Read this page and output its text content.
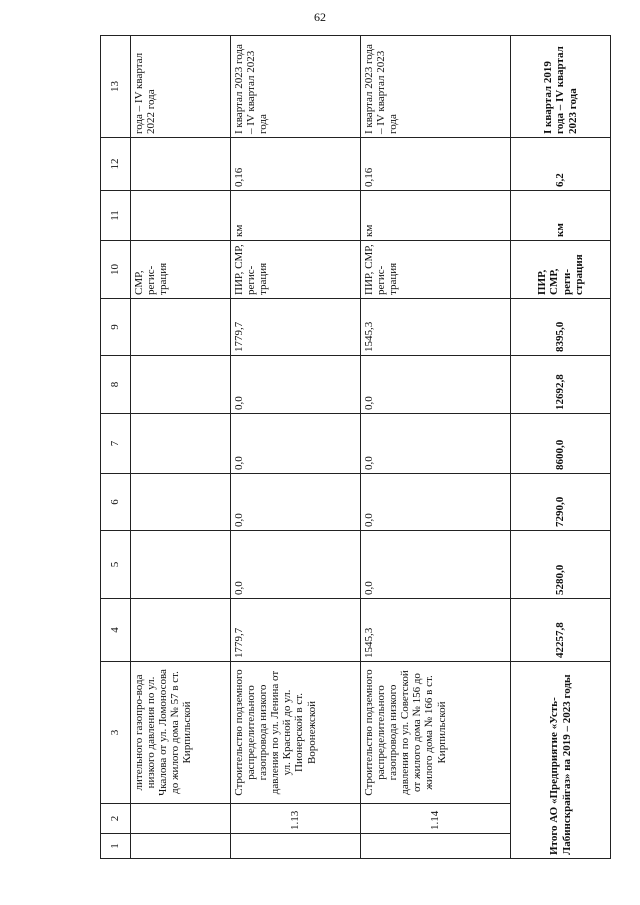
62
1	2	3	4	5	6	7	8	9	10	11	12	13
		лительного газопро-вода низкого давления по ул. Чкалова от ул. Ломоносова до жилого дома № 57 в ст. Кирпильской							СМР, регис-трация			года – IV квартал 2022 года
	1.13	Строительство подземного распределительного газопровода низкого давления по ул. Ленина от ул. Красной до ул. Пионерской в ст. Воронежской	1779,7	0,0	0,0	0,0	0,0	1779,7	ПИР, СМР, регис-трация	км	0,16	I квартал 2023 года – IV квартал 2023 года
	1.14	Строительство подземного распределительного газопровода низкого давления по ул. Советской от жилого дома № 156 до жилого дома № 166 в ст. Кирпильской	1545,3	0,0	0,0	0,0	0,0	1545,3	ПИР, СМР, регис-трация	км	0,16	I квартал 2023 года – IV квартал 2023 года
Итого АО «Предприятие «Усть-Лабинскрайгаз» на 2019 – 2023 годы			42257,8	5280,0	7290,0	8600,0	12692,8	8395,0	ПИР, СМР, реги-страция	км	6,2	I квартал 2019 года – IV квартал 2023 года
